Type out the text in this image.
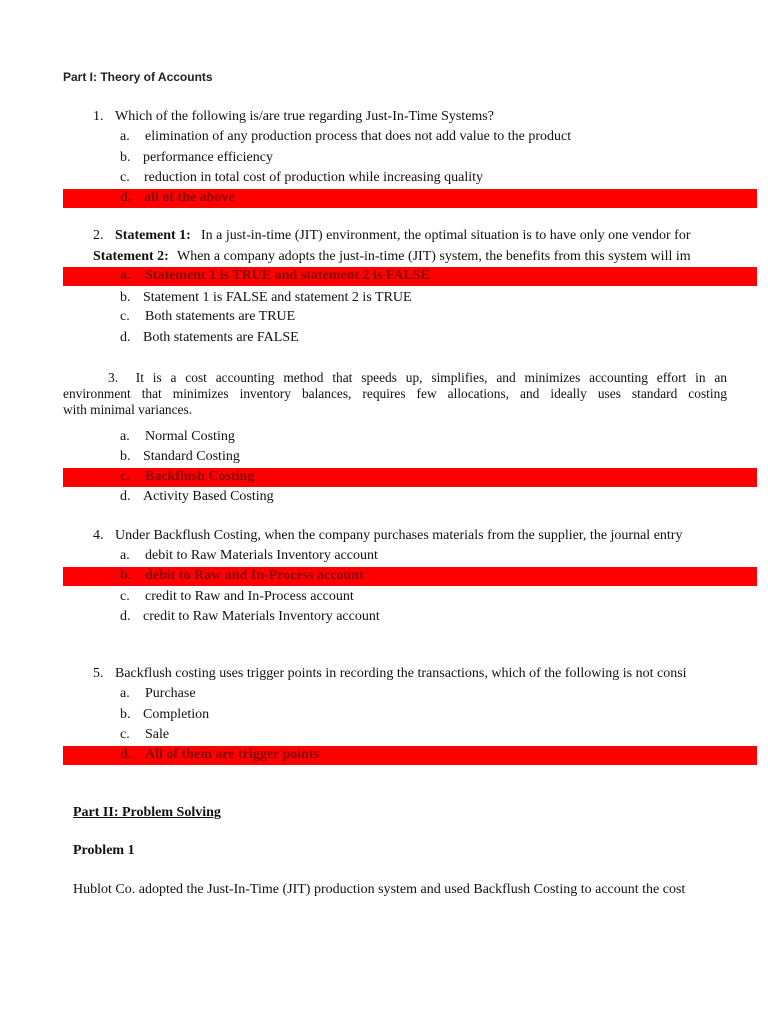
Part I: Theory of Accounts
1. Which of the following is/are true regarding Just-In-Time Systems?
a. elimination of any production process that does not add value to the product
b. performance efficiency
c. reduction in total cost of production while increasing quality
d. all of the above
2. Statement 1: In a just-in-time (JIT) environment, the optimal situation is to have only one vendor for
Statement 2: When a company adopts the just-in-time (JIT) system, the benefits from this system will im
a. Statement 1 is TRUE and statement 2 is FALSE
b. Statement 1 is FALSE and statement 2 is TRUE
c. Both statements are TRUE
d. Both statements are FALSE
3. It is a cost accounting method that speeds up, simplifies, and minimizes accounting effort in an
environment that minimizes inventory balances, requires few allocations, and ideally uses standard costing
with minimal variances.
a. Normal Costing
b. Standard Costing
c. Backflush Costing
d. Activity Based Costing
4. Under Backflush Costing, when the company purchases materials from the supplier, the journal entry
a. debit to Raw Materials Inventory account
b. debit to Raw and In-Process account
c. credit to Raw and In-Process account
d. credit to Raw Materials Inventory account
5. Backflush costing uses trigger points in recording the transactions, which of the following is not consi
a. Purchase
b. Completion
c. Sale
d. All of them are trigger points
Part II: Problem Solving
Problem 1
Hublot Co. adopted the Just-In-Time (JIT) production system and used Backflush Costing to account the cost
